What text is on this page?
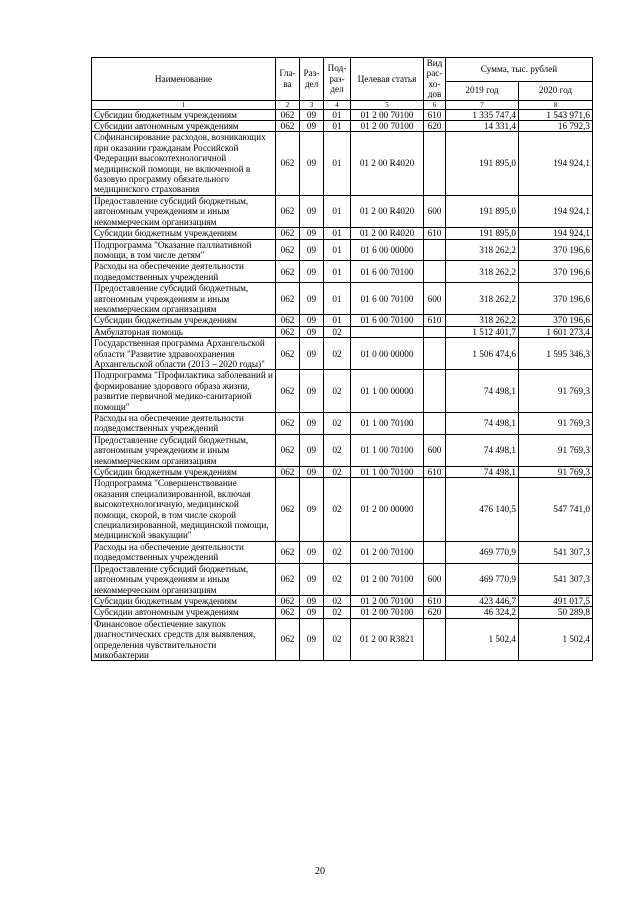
Наименование	Гла-ва	Раз-дел	Под-раз-дел	Целевая статья	Вид рас-хо-дов	Сумма, тыс. рублей	
						2019 год	2020 год
1	2	3	4	5	6	7	8
Субсидии бюджетным учреждениям	062	09	01	01 2 00 70100	610	1 335 747,4	1 543 971,6
Субсидии автономным учреждениям	062	09	01	01 2 00 70100	620	14 331,4	16 792,3
Софинансирование расходов, возникающих при оказании гражданам Российской Федерации высокотехнологичной медицинской помощи, не включенной в базовую программу обязательного медицинского страхования	062	09	01	01 2 00 R4020		191 895,0	194 924,1
Предоставление субсидий бюджетным, автономным учреждениям и иным некоммерческим организациям	062	09	01	01 2 00 R4020	600	191 895,0	194 924,1
Субсидии бюджетным учреждениям	062	09	01	01 2 00 R4020	610	191 895,0	194 924,1
Подпрограмма "Оказание паллиативной помощи, в том числе детям"	062	09	01	01 6 00 00000		318 262,2	370 196,6
Расходы на обеспечение деятельности подведомственных учреждений	062	09	01	01 6 00 70100		318 262,2	370 196,6
Предоставление субсидий бюджетным, автономным учреждениям и иным некоммерческим организациям	062	09	01	01 6 00 70100	600	318 262,2	370 196,6
Субсидии бюджетным учреждениям	062	09	01	01 6 00 70100	610	318 262,2	370 196,6
Амбулаторная помощь	062	09	02			1 512 401,7	1 601 273,4
Государственная программа Архангельской области "Развитие здравоохранения Архангельской области (2013 – 2020 годы)"	062	09	02	01 0 00 00000		1 506 474,6	1 595 346,3
Подпрограмма "Профилактика заболеваний и формирование здорового образа жизни, развитие первичной медико-санитарной помощи"	062	09	02	01 1 00 00000		74 498,1	91 769,3
Расходы на обеспечение деятельности подведомственных учреждений	062	09	02	01 1 00 70100		74 498,1	91 769,3
Предоставление субсидий бюджетным, автономным учреждениям и иным некоммерческим организациям	062	09	02	01 1 00 70100	600	74 498,1	91 769,3
Субсидии бюджетным учреждениям	062	09	02	01 1 00 70100	610	74 498,1	91 769,3
Подпрограмма "Совершенствование оказания специализированной, включая высокотехнологичную, медицинской помощи, скорой, в том числе скорой специализированной, медицинской помощи, медицинской эвакуации"	062	09	02	01 2 00 00000		476 140,5	547 741,0
Расходы на обеспечение деятельности подведомственных учреждений	062	09	02	01 2 00 70100		469 770,9	541 307,3
Предоставление субсидий бюджетным, автономным учреждениям и иным некоммерческим организациям	062	09	02	01 2 00 70100	600	469 770,9	541 307,3
Субсидии бюджетным учреждениям	062	09	02	01 2 00 70100	610	423 446,7	491 017,5
Субсидии автономным учреждениям	062	09	02	01 2 00 70100	620	46 324,2	50 289,8
Финансовое обеспечение закупок диагностических средств для выявления, определения чувствительности микобактерии	062	09	02	01 2 00 R3821		1 502,4	1 502,4
20
